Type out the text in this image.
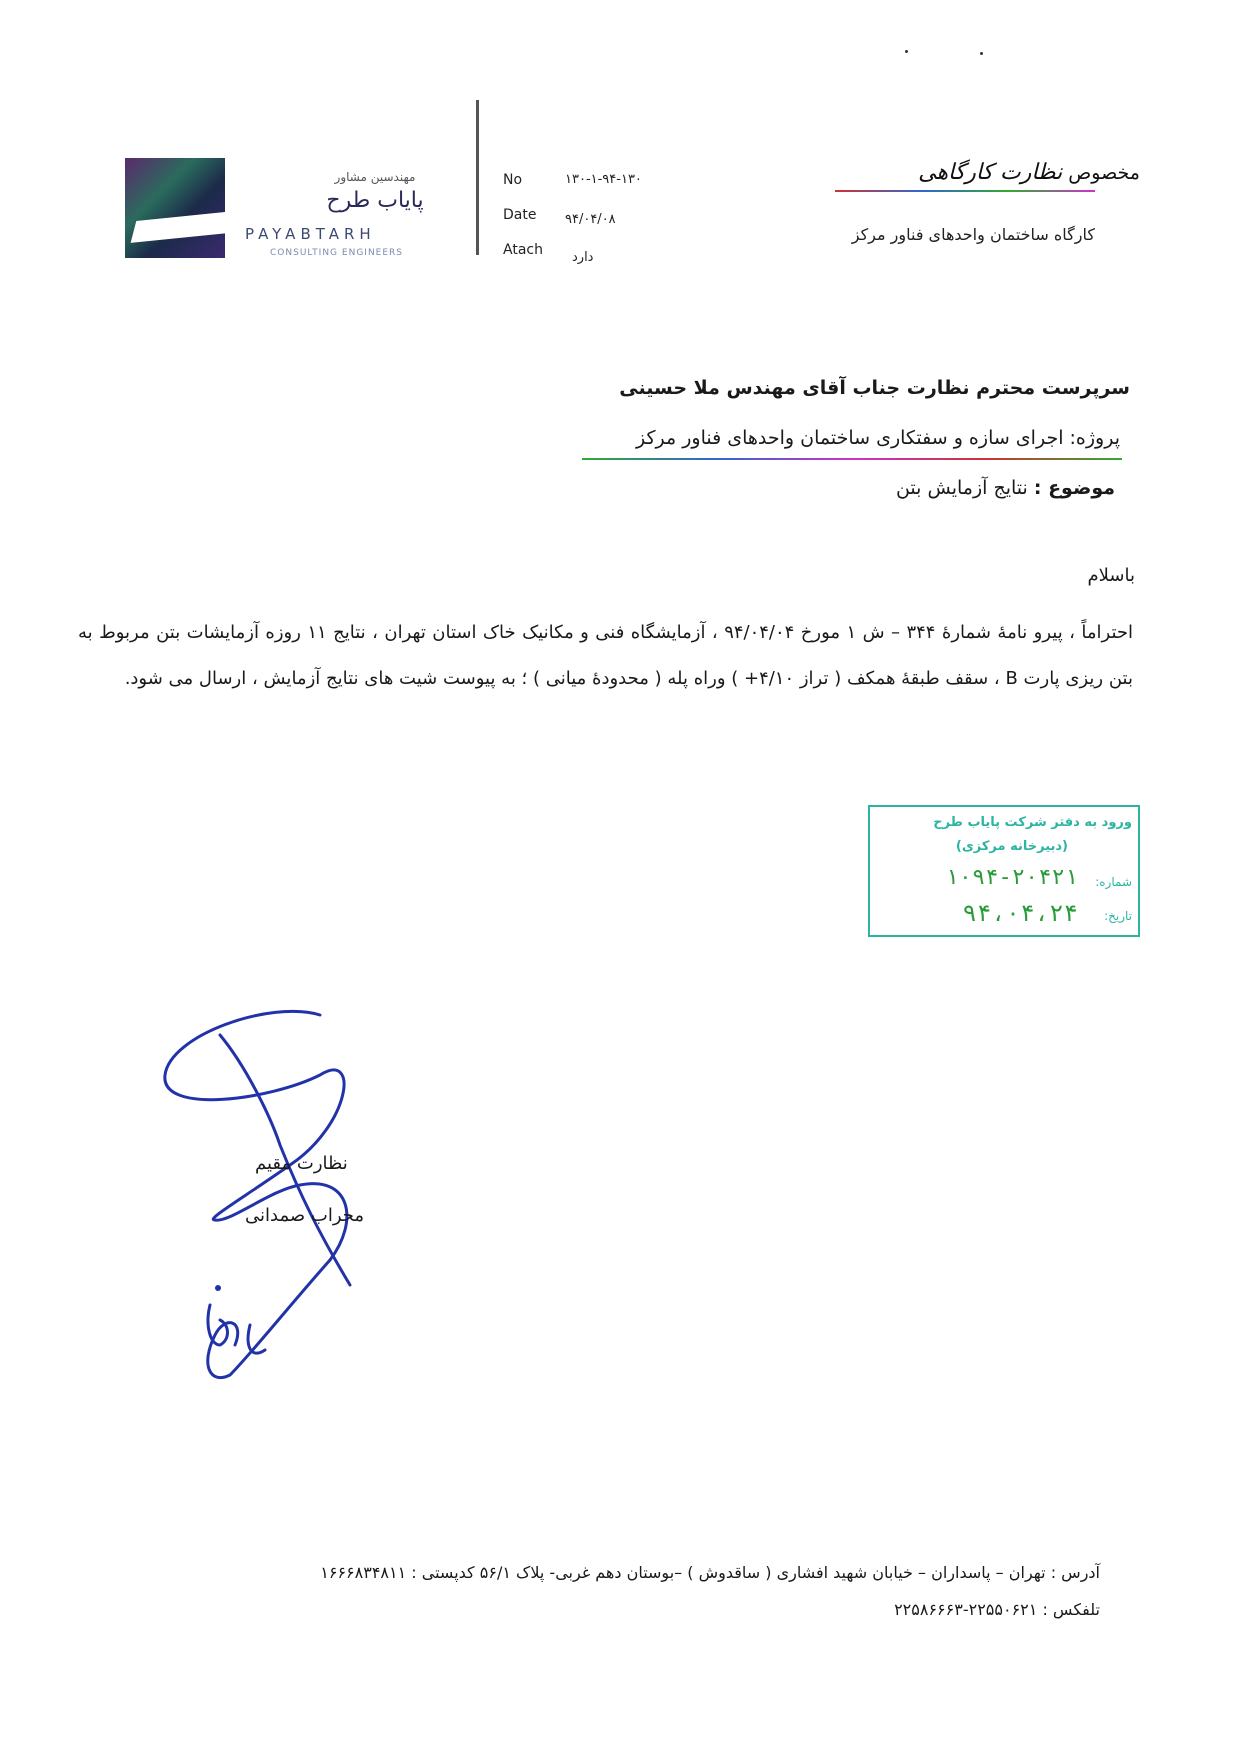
مهندسین مشاور
پایاب طرح
PAYABTARH
CONSULTING ENGINEERS
No	۱۳۰-۱-۹۴-۱۳۰
Date ۹۴/۰۴/۰۸
Atach دارد
مخصوص نظارت کارگاهی
کارگاه ساختمان واحدهای فناور مرکز
سرپرست محترم نظارت جناب آقای مهندس ملا حسینی
پروژه: اجرای سازه و سفتکاری ساختمان واحدهای فناور مرکز
موضوع : نتایج آزمایش بتن
باسلام
احتراماً ، پیرو نامهٔ شمارهٔ ۳۴۴ – ش ۱ مورخ ۹۴/۰۴/۰۴ ، آزمایشگاه فنی و مکانیک خاک استان تهران ، نتایج ۱۱ روزه آزمایشات بتن مربوط به بتن ریزی پارت B ، سقف طبقهٔ همکف ( تراز ۴/۱۰+ ) وراه پله ( محدودهٔ میانی ) ؛ به پیوست شیت های نتایج آزمایش ، ارسال می شود.
ورود به دفتر شرکت پایاب طرح
(دبیرخانه مرکزی)
شماره:
۱۰۹۴-۲۰۴۲۱
تاریخ:
۹۴،۰۴،۲۴
نظارت مقیم
محراب صمدانی
آدرس : تهران – پاسداران – خیابان شهید افشاری ( ساقدوش ) –بوستان دهم غربی- پلاک ۵۶/۱ کدپستی : ۱۶۶۶۸۳۴۸۱۱
تلفکس : ۲۲۵۵۰۶۲۱-۲۲۵۸۶۶۶۳
